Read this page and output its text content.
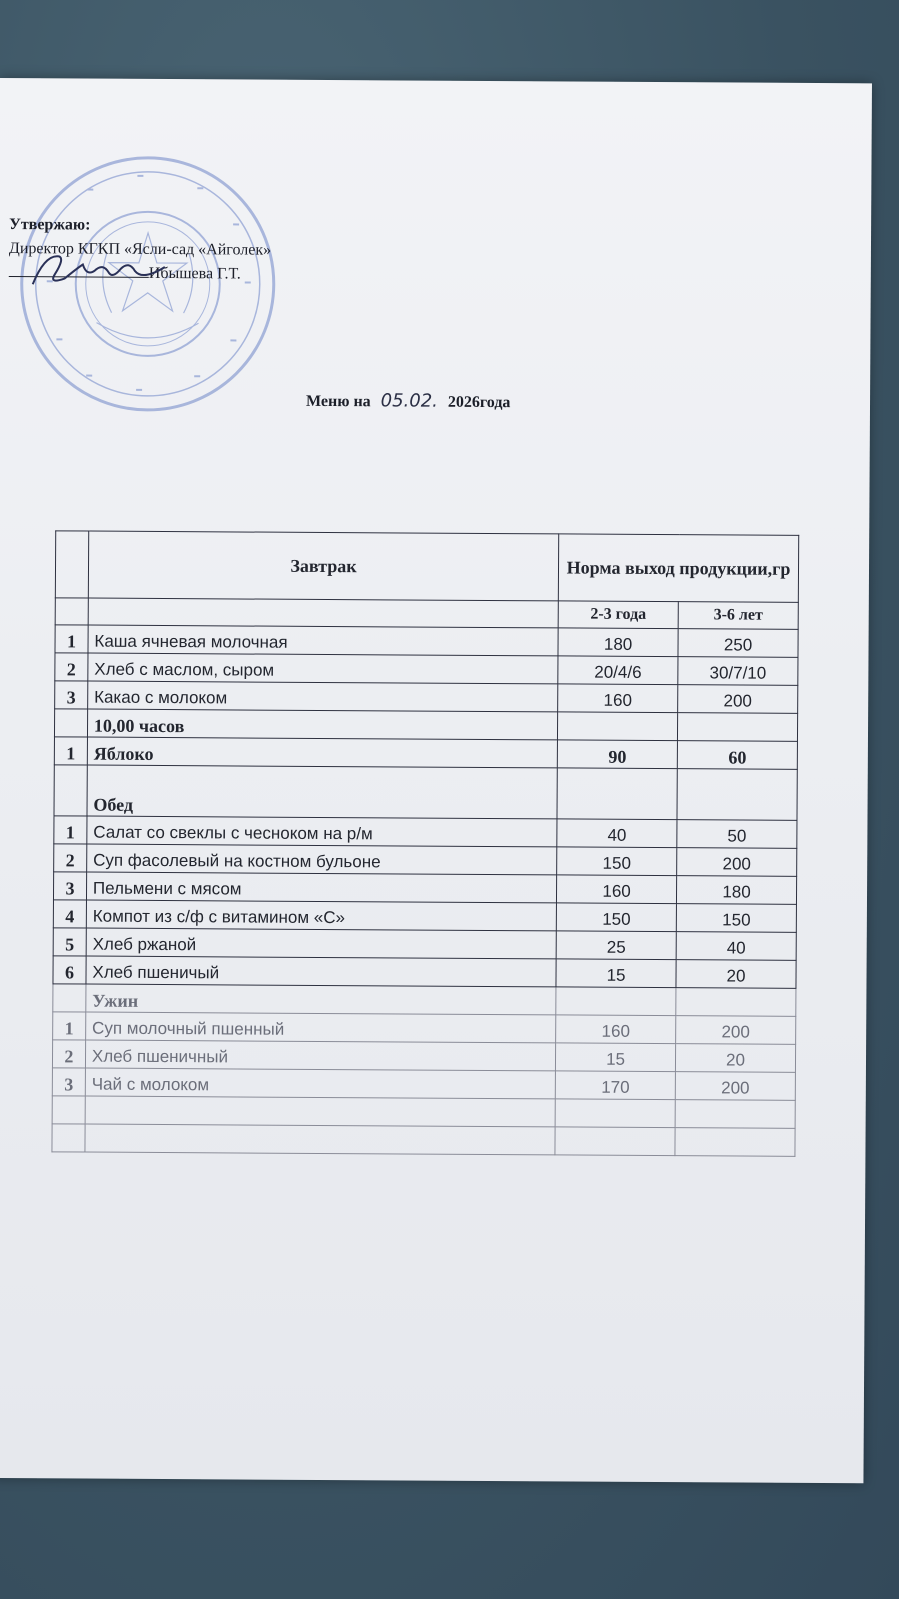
Утвержаю:
Директор КГКП «Ясли-сад «Айголек»
Ибышева Г.Т.
Меню на 05.02. 2026года
	Завтрак	Норма выход продукции,гр	
		2-3 года	3-6 лет
1	Каша ячневая молочная	180	250
2	Хлеб с маслом, сыром	20/4/6	30/7/10
3	Какао с молоком	160	200
	10,00 часов		
1	Яблоко	90	60
	Обед		
1	Салат со свеклы с чесноком на р/м	40	50
2	Суп фасолевый на костном бульоне	150	200
3	Пельмени с мясом	160	180
4	Компот из с/ф с витамином «С»	150	150
5	Хлеб ржаной	25	40
6	Хлеб пшеничый	15	20
	Ужин		
1	Суп молочный пшенный	160	200
2	Хлеб пшеничный	15	20
3	Чай с молоком	170	200
